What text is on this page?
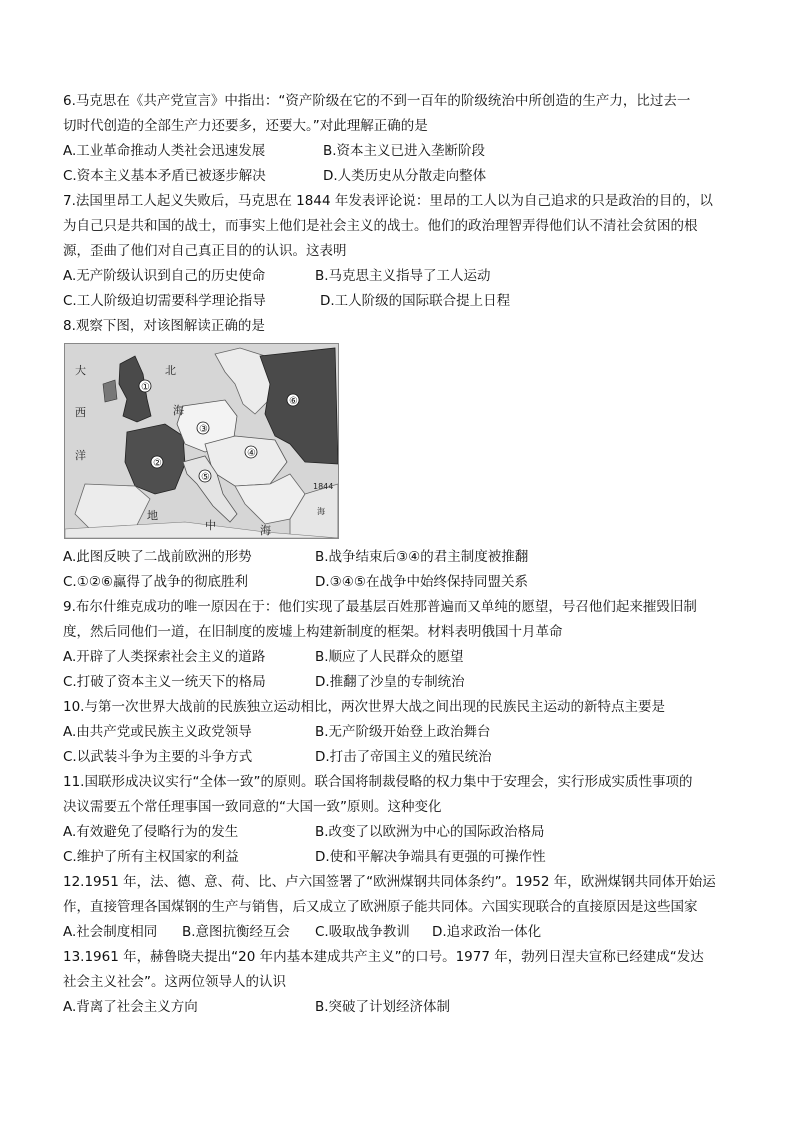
6.马克思在《共产党宣言》中指出：“资产阶级在它的不到一百年的阶级统治中所创造的生产力，比过去一
切时代创造的全部生产力还要多，还要大。”对此理解正确的是
A.工业革命推动人类社会迅速发展	B.资本主义已进入垄断阶段
C.资本主义基本矛盾已被逐步解决	D.人类历史从分散走向整体
7.法国里昂工人起义失败后，马克思在 1844 年发表评论说：里昂的工人以为自己追求的只是政治的目的，以
为自己只是共和国的战士，而事实上他们是社会主义的战士。他们的政治理智弄得他们认不清社会贫困的根
源，歪曲了他们对自己真正目的的认识。这表明
A.无产阶级认识到自己的历史使命	B.马克思主义指导了工人运动
C.工人阶级迫切需要科学理论指导	D.工人阶级的国际联合提上日程
8.观察下图，对该图解读正确的是
大
西
洋
北
海
地
中	海
1844
海
①
②
③
④
⑤
⑥
A.此图反映了二战前欧洲的形势	B.战争结束后③④的君主制度被推翻
C.①②⑥赢得了战争的彻底胜利	D.③④⑤在战争中始终保持同盟关系
9.布尔什维克成功的唯一原因在于：他们实现了最基层百姓那普遍而又单纯的愿望，号召他们起来摧毁旧制
度，然后同他们一道，在旧制度的废墟上构建新制度的框架。材料表明俄国十月革命
A.开辟了人类探索社会主义的道路	B.顺应了人民群众的愿望
C.打破了资本主义一统天下的格局	D.推翻了沙皇的专制统治
10.与第一次世界大战前的民族独立运动相比，两次世界大战之间出现的民族民主运动的新特点主要是
A.由共产党或民族主义政党领导	B.无产阶级开始登上政治舞台
C.以武装斗争为主要的斗争方式	D.打击了帝国主义的殖民统治
11.国联形成决议实行“全体一致”的原则。联合国将制裁侵略的权力集中于安理会，实行形成实质性事项的
决议需要五个常任理事国一致同意的“大国一致”原则。这种变化
A.有效避免了侵略行为的发生	B.改变了以欧洲为中心的国际政治格局
C.维护了所有主权国家的利益	D.使和平解决争端具有更强的可操作性
12.1951 年，法、德、意、荷、比、卢六国签署了“欧洲煤钢共同体条约”。1952 年，欧洲煤钢共同体开始运
作，直接管理各国煤钢的生产与销售，后又成立了欧洲原子能共同体。六国实现联合的直接原因是这些国家
A.社会制度相同 B.意图抗衡经互会 C.吸取战争教训 D.追求政治一体化
13.1961 年，赫鲁晓夫提出“20 年内基本建成共产主义”的口号。1977 年，勃列日涅夫宣称已经建成“发达
社会主义社会”。这两位领导人的认识
A.背离了社会主义方向	B.突破了计划经济体制
